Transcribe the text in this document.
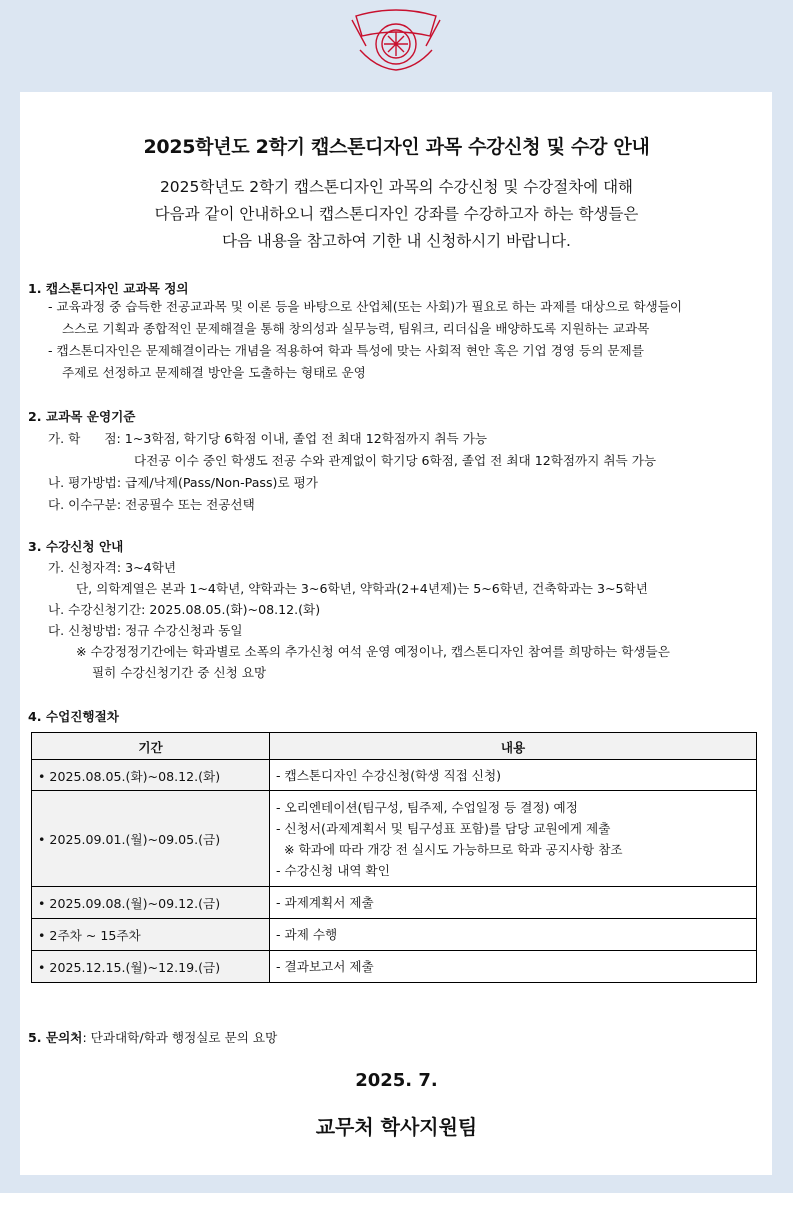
2025학년도 2학기 캡스톤디자인 과목 수강신청 및 수강 안내
2025학년도 2학기 캡스톤디자인 과목의 수강신청 및 수강절차에 대해
다음과 같이 안내하오니 캡스톤디자인 강좌를 수강하고자 하는 학생들은
다음 내용을 참고하여 기한 내 신청하시기 바랍니다.
1. 캡스톤디자인 교과목 정의
- 교육과정 중 습득한 전공교과목 및 이론 등을 바탕으로 산업체(또는 사회)가 필요로 하는 과제를 대상으로 학생들이
스스로 기획과 종합적인 문제해결을 통해 창의성과 실무능력, 팀워크, 리더십을 배양하도록 지원하는 교과목
- 캡스톤디자인은 문제해결이라는 개념을 적용하여 학과 특성에 맞는 사회적 현안 혹은 기업 경영 등의 문제를
주제로 선정하고 문제해결 방안을 도출하는 형태로 운영
2. 교과목 운영기준
가. 학      점: 1~3학점, 학기당 6학점 이내, 졸업 전 최대 12학점까지 취득 가능
다전공 이수 중인 학생도 전공 수와 관계없이 학기당 6학점, 졸업 전 최대 12학점까지 취득 가능
나. 평가방법: 급제/낙제(Pass/Non-Pass)로 평가
다. 이수구분: 전공필수 또는 전공선택
3. 수강신청 안내
가. 신청자격: 3~4학년
단, 의학계열은 본과 1~4학년, 약학과는 3~6학년, 약학과(2+4년제)는 5~6학년, 건축학과는 3~5학년
나. 수강신청기간: 2025.08.05.(화)~08.12.(화)
다. 신청방법: 정규 수강신청과 동일
※ 수강정정기간에는 학과별로 소폭의 추가신청 여석 운영 예정이나, 캡스톤디자인 참여를 희망하는 학생들은
필히 수강신청기간 중 신청 요망
4. 수업진행절차
기간	내용
• 2025.08.05.(화)~08.12.(화)	- 캡스톤디자인 수강신청(학생 직접 신청)

• 2025.09.01.(월)~09.05.(금)	- 오리엔테이션(팀구성, 팀주제, 수업일정 등 결정) 예정
- 신청서(과제계획서 및 팀구성표 포함)를 담당 교원에게 제출
※ 학과에 따라 개강 전 실시도 가능하므로 학과 공지사항 참조
- 수강신청 내역 확인

• 2025.09.08.(월)~09.12.(금)	- 과제계획서 제출

• 2주차 ~ 15주차	- 과제 수행

• 2025.12.15.(월)~12.19.(금)	- 결과보고서 제출
5. 문의처: 단과대학/학과 행정실로 문의 요망
2025. 7.
교무처 학사지원팀
